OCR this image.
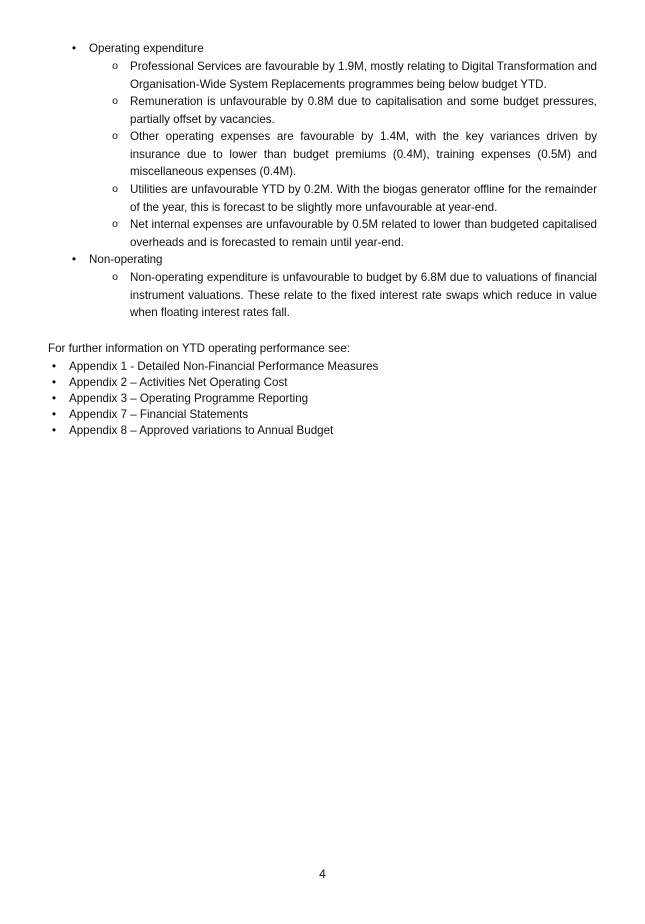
• Operating expenditure
o Professional Services are favourable by 1.9M, mostly relating to Digital Transformation and Organisation-Wide System Replacements programmes being below budget YTD.
o Remuneration is unfavourable by 0.8M due to capitalisation and some budget pressures, partially offset by vacancies.
o Other operating expenses are favourable by 1.4M, with the key variances driven by insurance due to lower than budget premiums (0.4M), training expenses (0.5M) and miscellaneous expenses (0.4M).
o Utilities are unfavourable YTD by 0.2M. With the biogas generator offline for the remainder of the year, this is forecast to be slightly more unfavourable at year-end.
o Net internal expenses are unfavourable by 0.5M related to lower than budgeted capitalised overheads and is forecasted to remain until year-end.
• Non-operating
o Non-operating expenditure is unfavourable to budget by 6.8M due to valuations of financial instrument valuations. These relate to the fixed interest rate swaps which reduce in value when floating interest rates fall.
For further information on YTD operating performance see:
• Appendix 1 - Detailed Non-Financial Performance Measures
• Appendix 2 – Activities Net Operating Cost
• Appendix 3 – Operating Programme Reporting
• Appendix 7 – Financial Statements
• Appendix 8 – Approved variations to Annual Budget
4
